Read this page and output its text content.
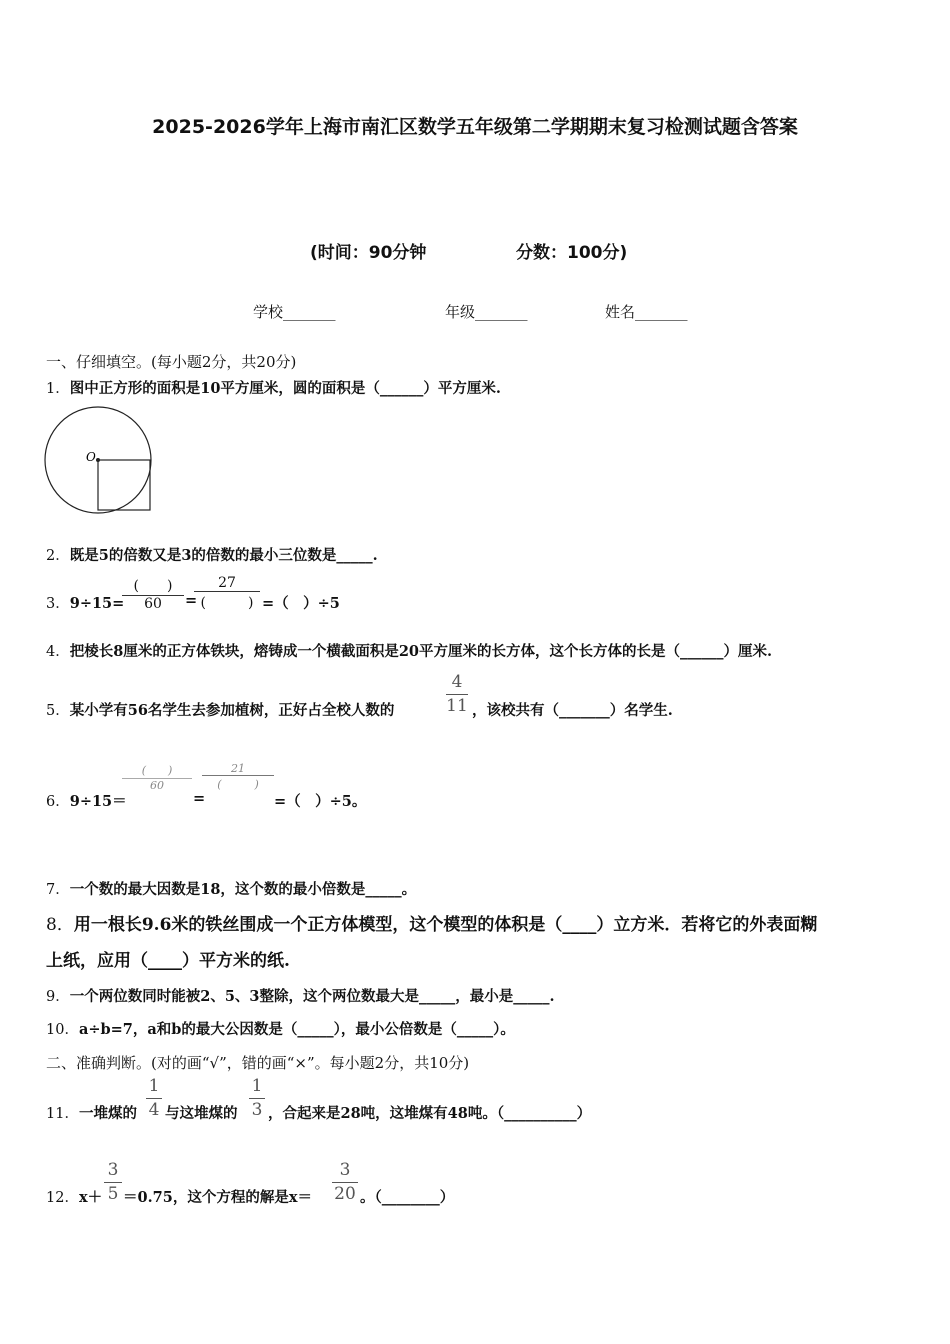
2025-2026学年上海市南汇区数学五年级第二学期期末复习检测试题含答案
(时间：90分钟	分数：100分)
学校_______	年级_______	姓名_______
一、仔细填空。(每小题2分，共20分)
1．图中正方形的面积是10平方厘米，圆的面积是（______）平方厘米.
O
2．既是5的倍数又是3的倍数的最小三位数是_____.
3．9÷15=
(　　)
60	=
27
(　　　) =（　）÷5
4．把棱长8厘米的正方体铁块，熔铸成一个横截面积是20平方厘米的长方体，这个长方体的长是（______）厘米.
5．某小学有56名学生去参加植树，正好占全校人数的
4
11 ，该校共有（_______）名学生.
6．9÷15＝
(　　)
60
=
21
(　　　)
=（　）÷5。
7．一个数的最大因数是18，这个数的最小倍数是_____。
8．用一根长9.6米的铁丝围成一个正方体模型，这个模型的体积是（____）立方米．若将它的外表面糊
上纸，应用（____）平方米的纸.
9．一个两位数同时能被2、5、3整除，这个两位数最大是_____，最小是_____.
10．a÷b=7，a和b的最大公因数是（_____），最小公倍数是（_____）。
二、准确判断。(对的画“√”，错的画“×”。每小题2分，共10分)
11．一堆煤的
1
4 与这堆煤的
1
3 ，合起来是28吨，这堆煤有48吨。（__________）
12．x＋
3
5 ＝0.75，这个方程的解是x＝
3
20 。（________）
